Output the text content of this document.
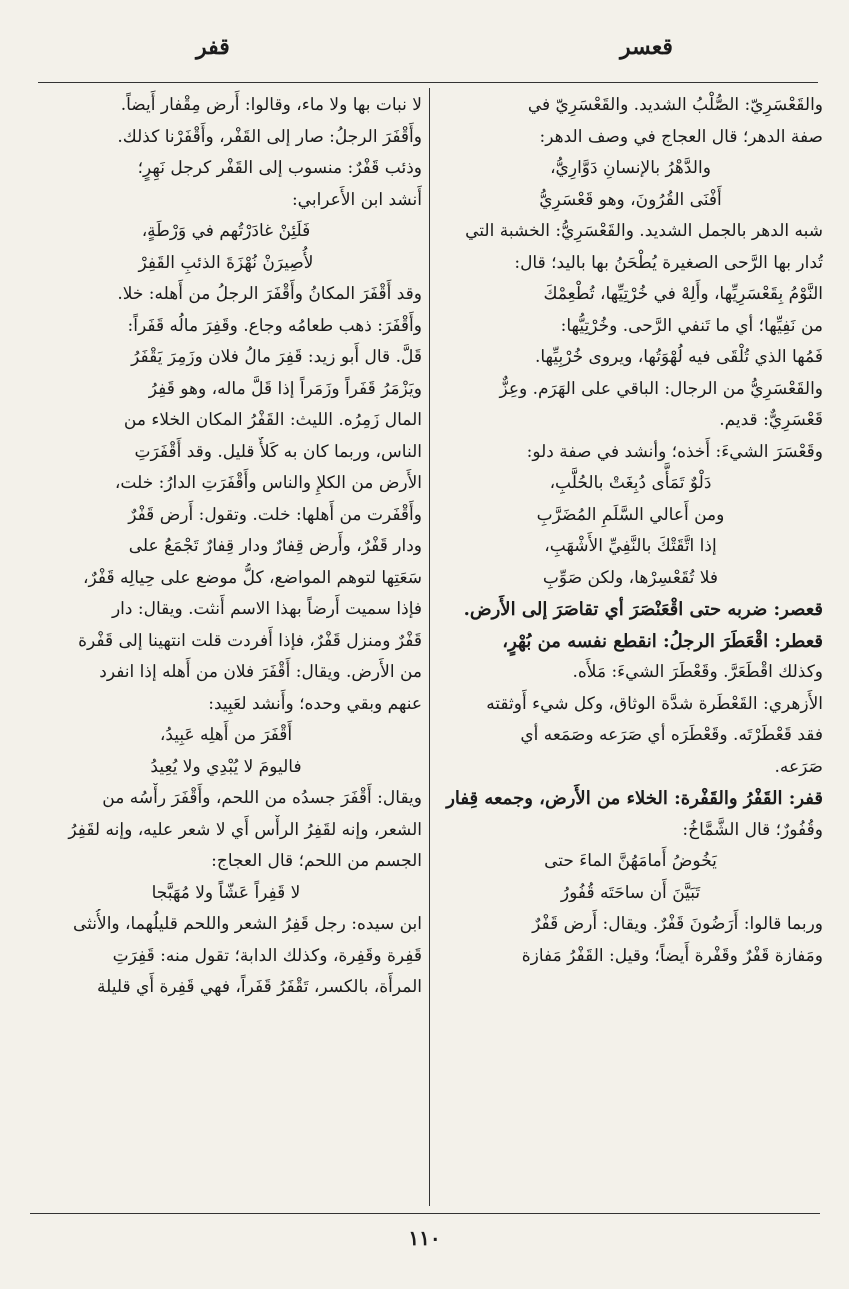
قعسر
قفر
والقَعْسَرِيّ: الصُّلْبُ الشديد. والقَعْسَرِيّ في
صفة الدهر؛ قال العجاج في وصف الدهر:
والدَّهْرُ بالإنسانِ دَوَّارِيُّ،
أَفْنَى القُرُونَ، وهو قَعْسَرِيُّ
شبه الدهر بالجمل الشديد. والقَعْسَرِيُّ: الخشبة التي
تُدار بها الرَّحى الصغيرة يُطْحَنُ بها باليد؛ قال:
النَّوْمُ بِقَعْسَرِيِّها، وأَلِهْ في خُرْتِيِّها، تُطْعِمْكَ
من نَفِيِّها؛ أي ما تَنفي الرَّحى. وخُرْتِيُّها:
فَمُها الذي تُلْقَى فيه لُهْوَتُها، ويروى خُرْبِيِّها.
والقَعْسَرِيُّ من الرجال: الباقي على الهَرَم. وعِزٌّ
قَعْسَرِيٌّ: قديم.
وقَعْسَرَ الشيءَ: أَخذه؛ وأنشد في صفة دلو:
دَلْوٌ تَمَأَّى دُبِغَتْ بالحُلَّبِ،
ومن أَعالي السَّلَمِ المُضَرَّبِ
إذا اتَّقَتْكَ بالنَّفِيِّ الأَشْهَبِ،
فلا تُقَعْسِرْها، ولكن صَوِّبِ
قعصر: ضربه حتى اقْعَنْصَرَ أي تقاصَرَ إلى الأَرض.
قعطر: اقْعَطَرَ الرجلُ: انقطع نفسه من بُهْرٍ،
وكذلك اقْطَعَرَّ. وقَعْطَرَ الشيءَ: مَلأَه.
الأَزهري: القَعْطَرة شدَّة الوثاق، وكل شيء أَوثقته
فقد قَعْطَرْتَه. وقَعْطَرَه أي صَرَعه وصَمَعه أي
صَرَعه.
قفر: القَفْرُ والقَفْرة: الخلاء من الأَرض، وجمعه قِفار
وقُفُورٌ؛ قال الشَّمَّاخُ:
يَخُوضُ أَمامَهُنَّ الماءَ حتى
تَبَيَّنَ أَن ساحَتَه قُفُورُ
وربما قالوا: أَرَضُونَ قَفْرٌ. ويقال: أَرض قَفْرٌ
ومَفازة قَفْرٌ وقَفْرة أَيضاً؛ وقيل: القَفْرُ مَفازة
لا نبات بها ولا ماء، وقالوا: أَرض مِقْفار أَيضاً.
وأَقْفَرَ الرجلُ: صار إلى القَفْر، وأَقْفَرْنا كذلك.
وذئب قَفْرٌ: منسوب إلى القَفْر كرجل نَهِرٍ؛
أَنشد ابن الأَعرابي:
فَلَئِنْ غادَرْتُهم في وَرْطَةٍ،
لأُصِيرَنْ نُهْزَةَ الذئبِ القَفِرْ
وقد أَقْفَرَ المكانُ وأَقْفَرَ الرجلُ من أَهله: خلا.
وأَقْفَرَ: ذهب طعامُه وجاع. وقَفِرَ مالُه قَفَراً:
قَلَّ. قال أَبو زيد: قَفِرَ مالُ فلان وزَمِرَ يَقْفَرُ
ويَزْمَرُ قَفَراً وزَمَراً إذا قَلَّ ماله، وهو قَفِرُ
المال زَمِرُه. الليث: القَفْرُ المكان الخلاء من
الناس، وربما كان به كَلأٌ قليل. وقد أَقْفَرَتِ
الأَرض من الكلإِ والناس وأَقْفَرَتِ الدارُ: خلت،
وأَقْفَرت من أَهلها: خلت. وتقول: أَرض قَفْرٌ
ودار قَفْرٌ، وأَرض قِفارٌ ودار قِفارٌ تَجْمَعُ على
سَعَتِها لتوهم المواضع، كلُّ موضع على حِيالِه قَفْرٌ،
فإذا سميت أَرضاً بهذا الاسم أَنثت. ويقال: دار
قَفْرٌ ومنزل قَفْرٌ، فإذا أَفردت قلت انتهينا إلى قَفْرة
من الأَرض. ويقال: أَقْفَرَ فلان من أَهله إذا انفرد
عنهم وبقي وحده؛ وأَنشد لعَبِيد:
أَقْفَرَ من أَهلِه عَبِيدُ،
فاليومَ لا يُبْدِي ولا يُعِيدُ
ويقال: أَقْفَرَ جسدُه من اللحم، وأَقْفَرَ رأْسُه من
الشعر، وإنه لقَفِرُ الرأْس أَي لا شعر عليه، وإنه لقَفِرُ
الجسم من اللحم؛ قال العجاج:
لا قَفِراً عَشّاً ولا مُهَبَّجا
ابن سيده: رجل قَفِرُ الشعر واللحم قليلُهما، والأُنثى
قَفِرة وقَفِرة، وكذلك الدابة؛ تقول منه: قَفِرَتِ
المرأَة، بالكسر، تَقْفَرُ قَفَراً، فهي قَفِرة أَي قليلة
١١٠
